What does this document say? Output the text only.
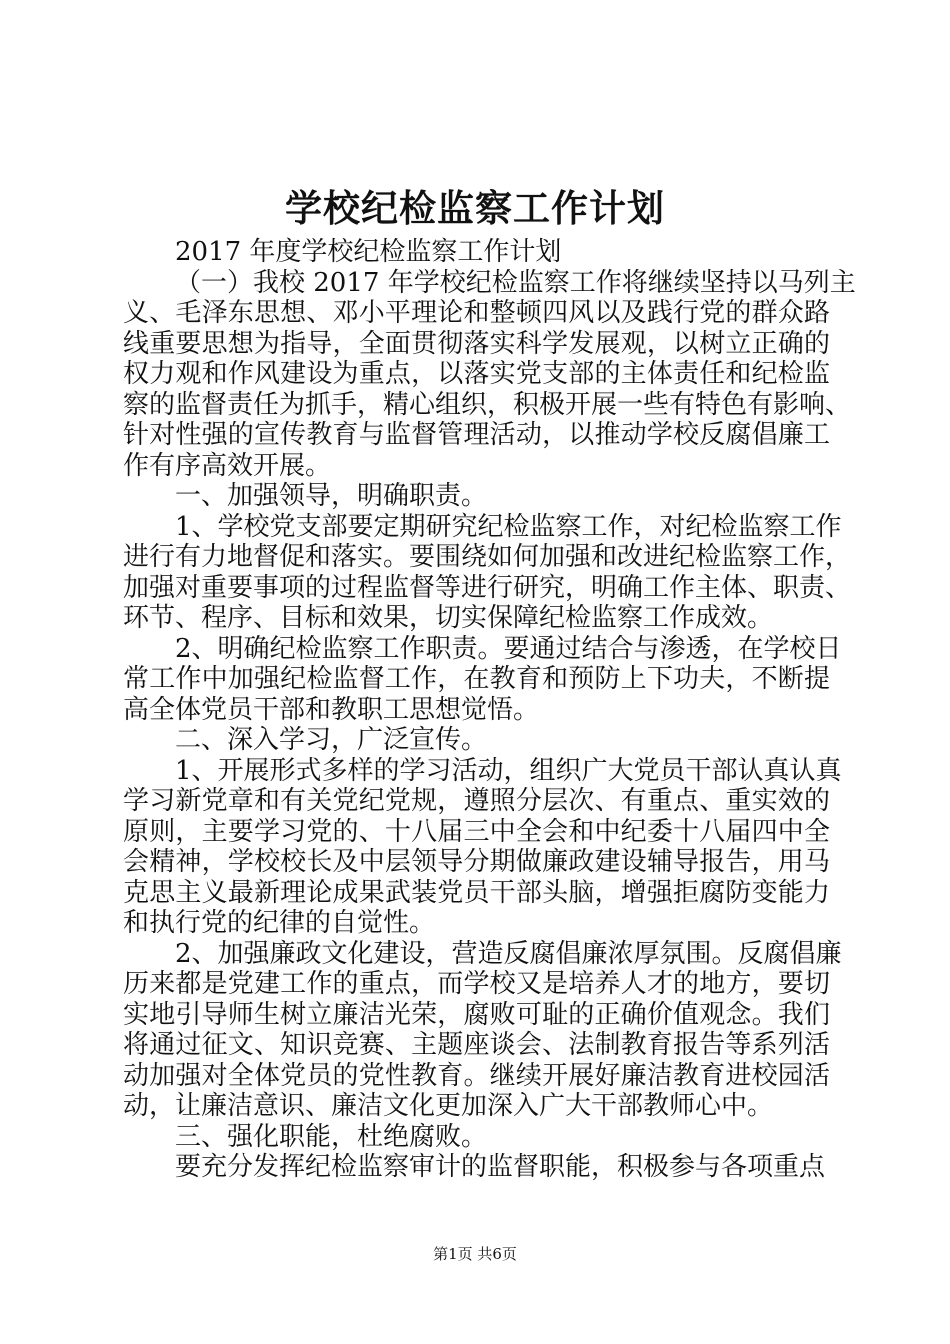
学校纪检监察工作计划
2017 年度学校纪检监察工作计划
（一）我校 2017 年学校纪检监察工作将继续坚持以马列主
义、毛泽东思想、邓小平理论和整顿四风以及践行党的群众路
线重要思想为指导，全面贯彻落实科学发展观，以树立正确的
权力观和作风建设为重点，以落实党支部的主体责任和纪检监
察的监督责任为抓手，精心组织，积极开展一些有特色有影响、
针对性强的宣传教育与监督管理活动，以推动学校反腐倡廉工
作有序高效开展。
一、加强领导，明确职责。
1、学校党支部要定期研究纪检监察工作，对纪检监察工作
进行有力地督促和落实。要围绕如何加强和改进纪检监察工作，
加强对重要事项的过程监督等进行研究，明确工作主体、职责、
环节、程序、目标和效果，切实保障纪检监察工作成效。
2、明确纪检监察工作职责。要通过结合与渗透，在学校日
常工作中加强纪检监督工作，在教育和预防上下功夫，不断提
高全体党员干部和教职工思想觉悟。
二、深入学习，广泛宣传。
1、开展形式多样的学习活动，组织广大党员干部认真认真
学习新党章和有关党纪党规，遵照分层次、有重点、重实效的
原则，主要学习党的、十八届三中全会和中纪委十八届四中全
会精神，学校校长及中层领导分期做廉政建设辅导报告，用马
克思主义最新理论成果武装党员干部头脑，增强拒腐防变能力
和执行党的纪律的自觉性。
2、加强廉政文化建设，营造反腐倡廉浓厚氛围。反腐倡廉
历来都是党建工作的重点，而学校又是培养人才的地方，要切
实地引导师生树立廉洁光荣，腐败可耻的正确价值观念。我们
将通过征文、知识竞赛、主题座谈会、法制教育报告等系列活
动加强对全体党员的党性教育。继续开展好廉洁教育进校园活
动，让廉洁意识、廉洁文化更加深入广大干部教师心中。
三、强化职能，杜绝腐败。
要充分发挥纪检监察审计的监督职能，积极参与各项重点
第1页 共6页
